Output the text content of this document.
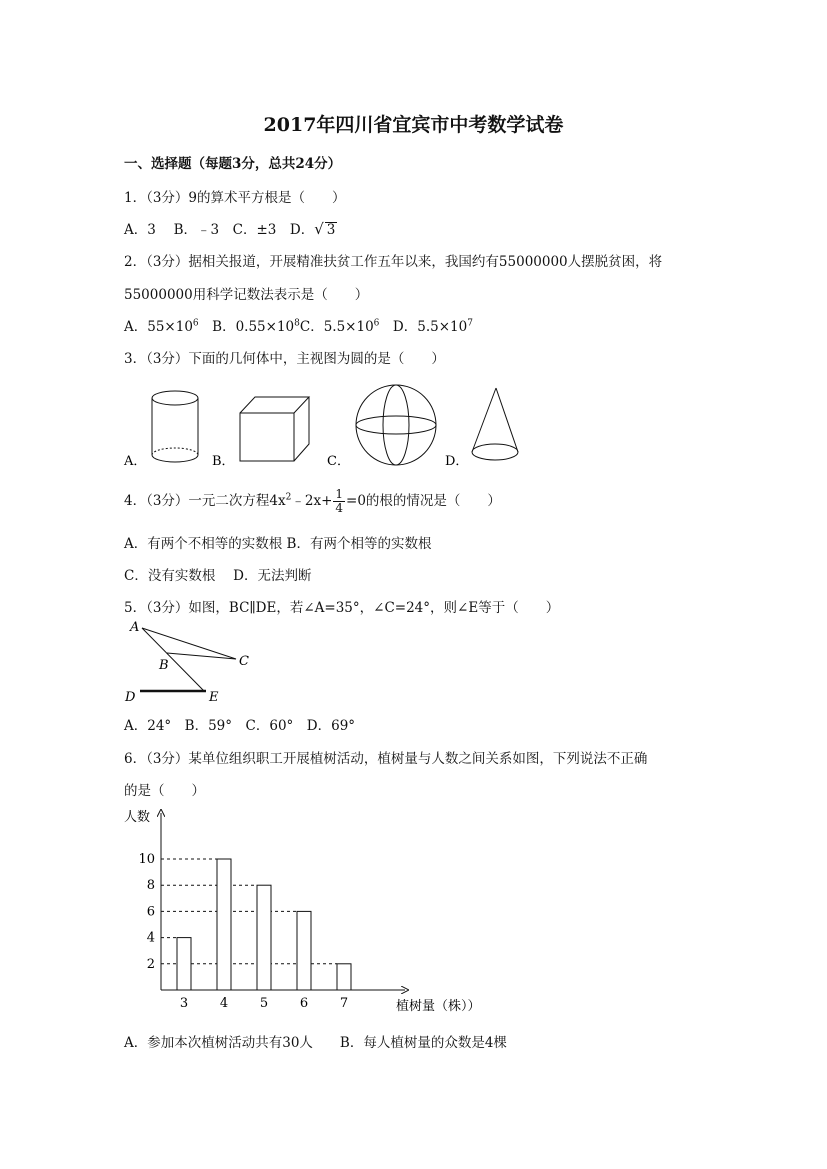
2017年四川省宜宾市中考数学试卷
一、选择题（每题3分，总共24分）
1．（3分）9的算术平方根是（　　）
A．3　 B．﹣3　C．±3　D．√ 3
2．（3分）据相关报道，开展精准扶贫工作五年以来，我国约有55000000人摆脱贫困，将
55000000用科学记数法表示是（　　）
A．$55\times 10^6$　B．$0.55\times 10^8C$．$5.5\times 10^6$　D．$5.5\times 10^7$
3．（3分）下面的几何体中，主视图为圆的是（　　）
A．	B．	C．	D．
4．（3分）一元二次方程$4x^2﹣2x+ \frac{1}{4} =0$的根的情况是（　　）
A．有两个不相等的实数根 B．有两个相等的实数根
C．没有实数根　 D．无法判断
5．（3分）如图，BC∥DE，若∠A=35°，∠C=24°，则∠E等于（　　）
A
B	C
D	E
A．24°　B．59°　C．60°　D．69°
6．（3分）某单位组织职工开展植树活动，植树量与人数之间关系如图，下列说法不正确
的是（　　）
人数
植树量（株））
2
4
6
8
10
3 4 5 6 7
A．参加本次植树活动共有30人　　B．每人植树量的众数是4棵
